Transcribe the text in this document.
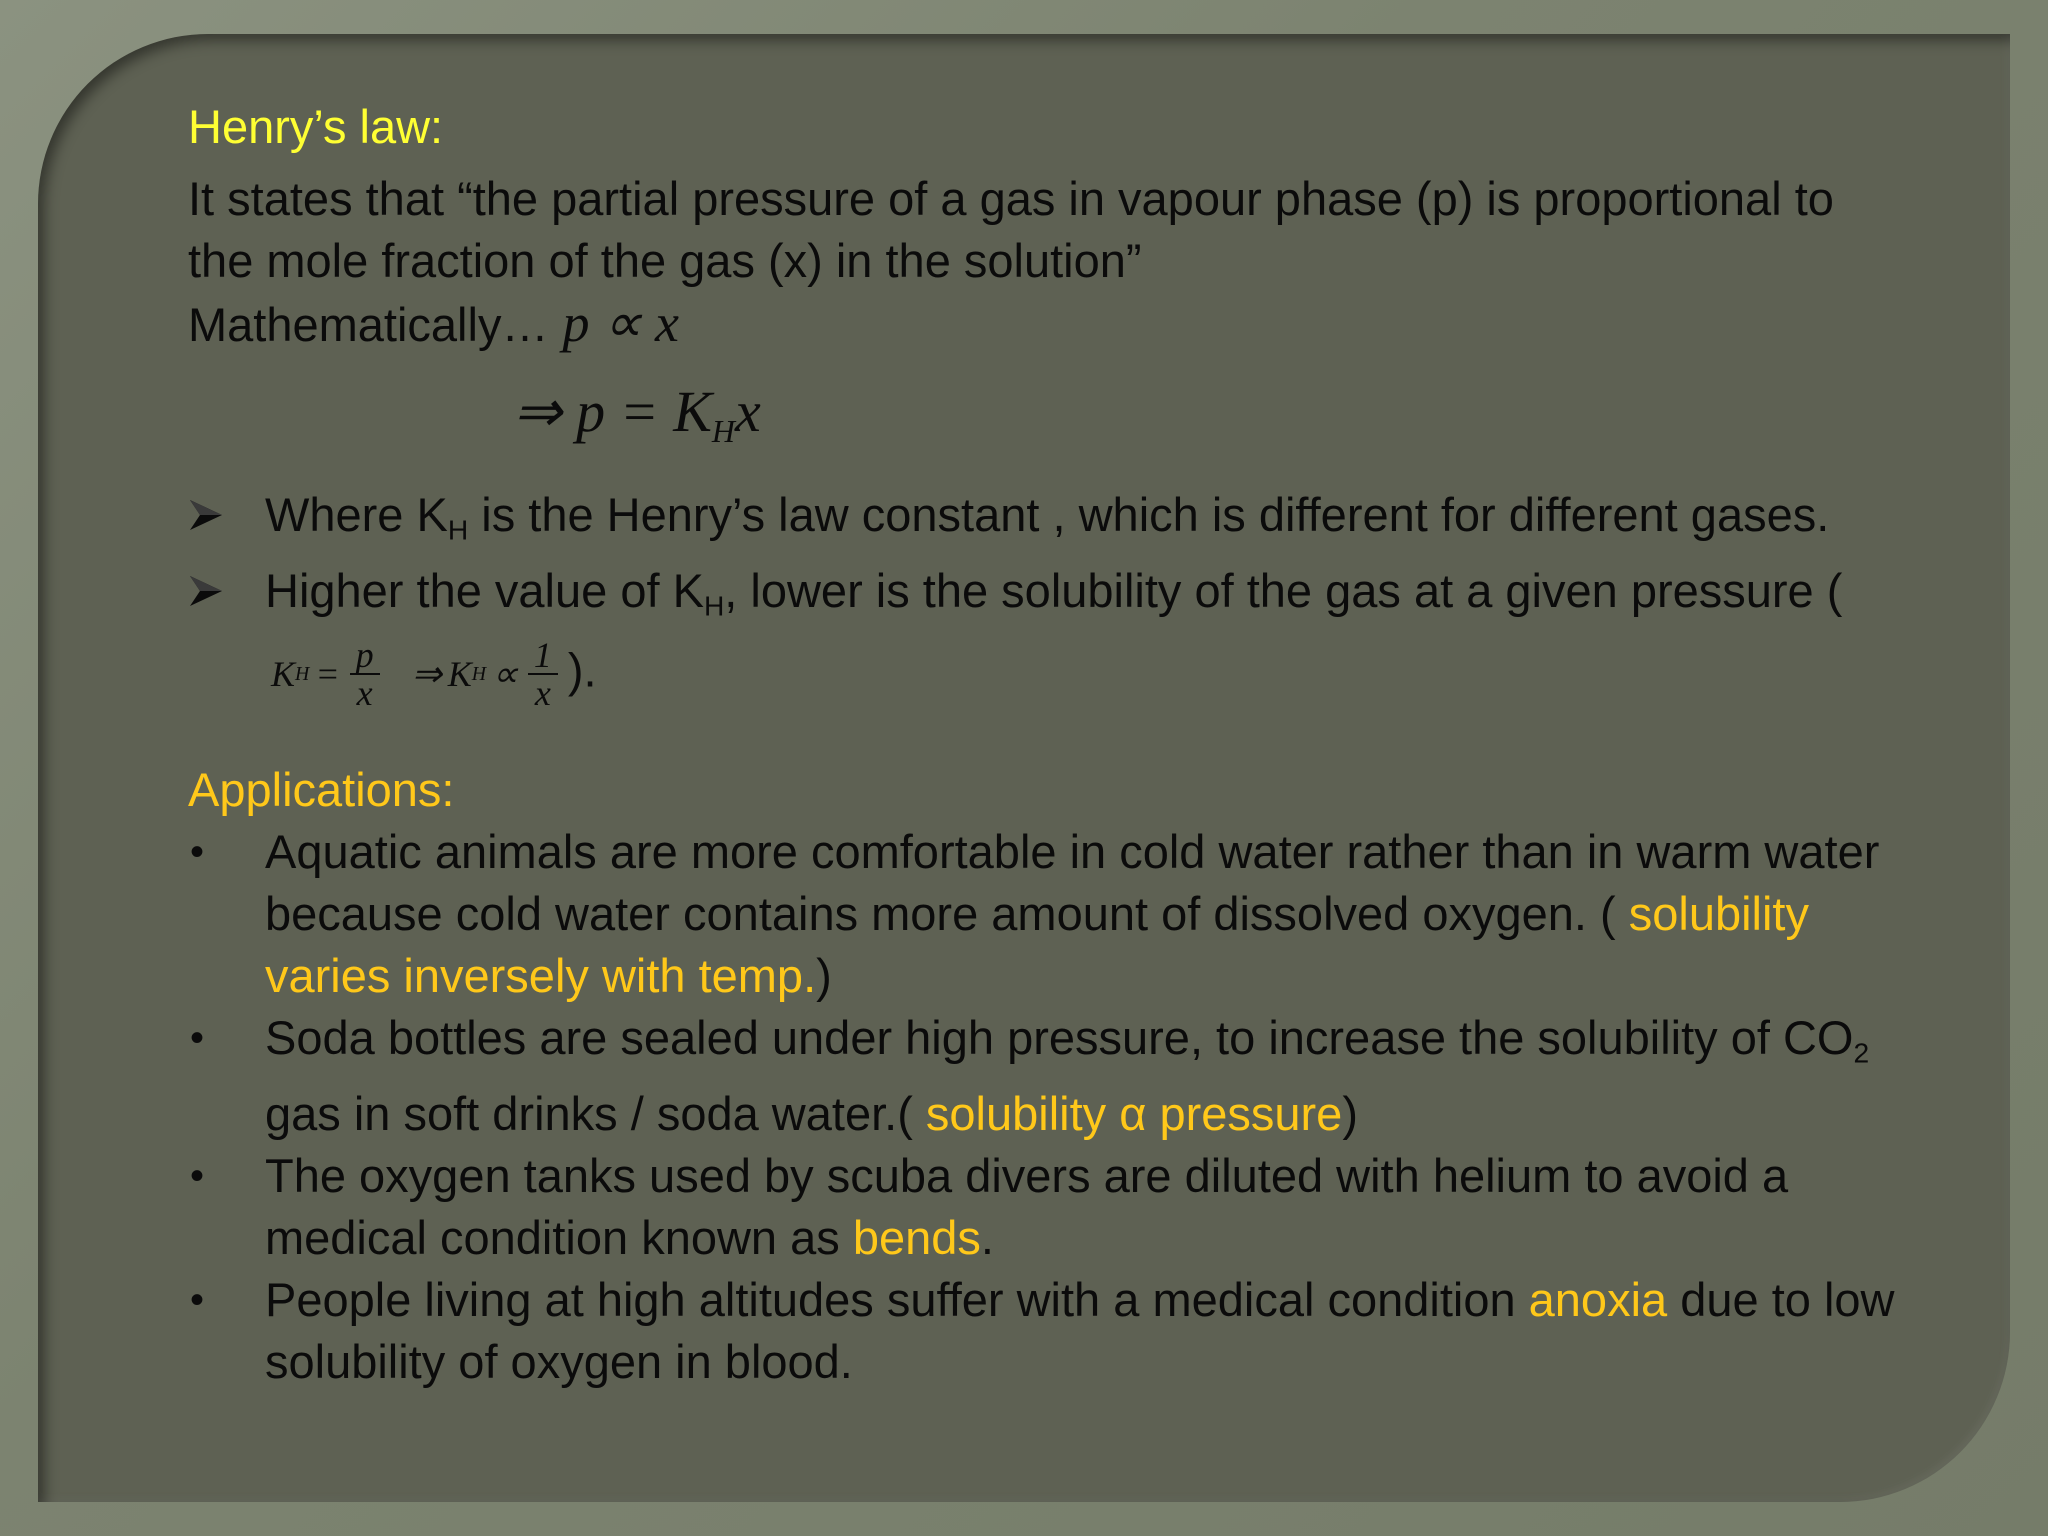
Henry’s law:
It states that “the partial pressure of a gas in vapour phase (p) is proportional to the mole fraction of the gas (x) in the solution”
Mathematically… p ∝ x
⇒ $p = K_Hx$
Where $K_H$ is the Henry’s law constant , which is different for different gases.
Higher the value of $K_H$, lower is the solubility of the gas at a given pressure (
K $H = \frac{p}{x}$ ⇒ K $H \propto \frac{1}{x}$ ).
Applications:
•	Aquatic animals are more comfortable in cold water rather than in warm water because cold water contains more amount of dissolved oxygen. ( solubility varies inversely with temp.)
•	Soda bottles are sealed under high pressure, to increase the solubility of $CO_2$ gas in soft drinks / soda water.( solubility α pressure)
•	The oxygen tanks used by scuba divers are diluted with helium to avoid a medical condition known as bends.
•	People living at high altitudes suffer with a medical condition anoxia due to low solubility of oxygen in blood.
